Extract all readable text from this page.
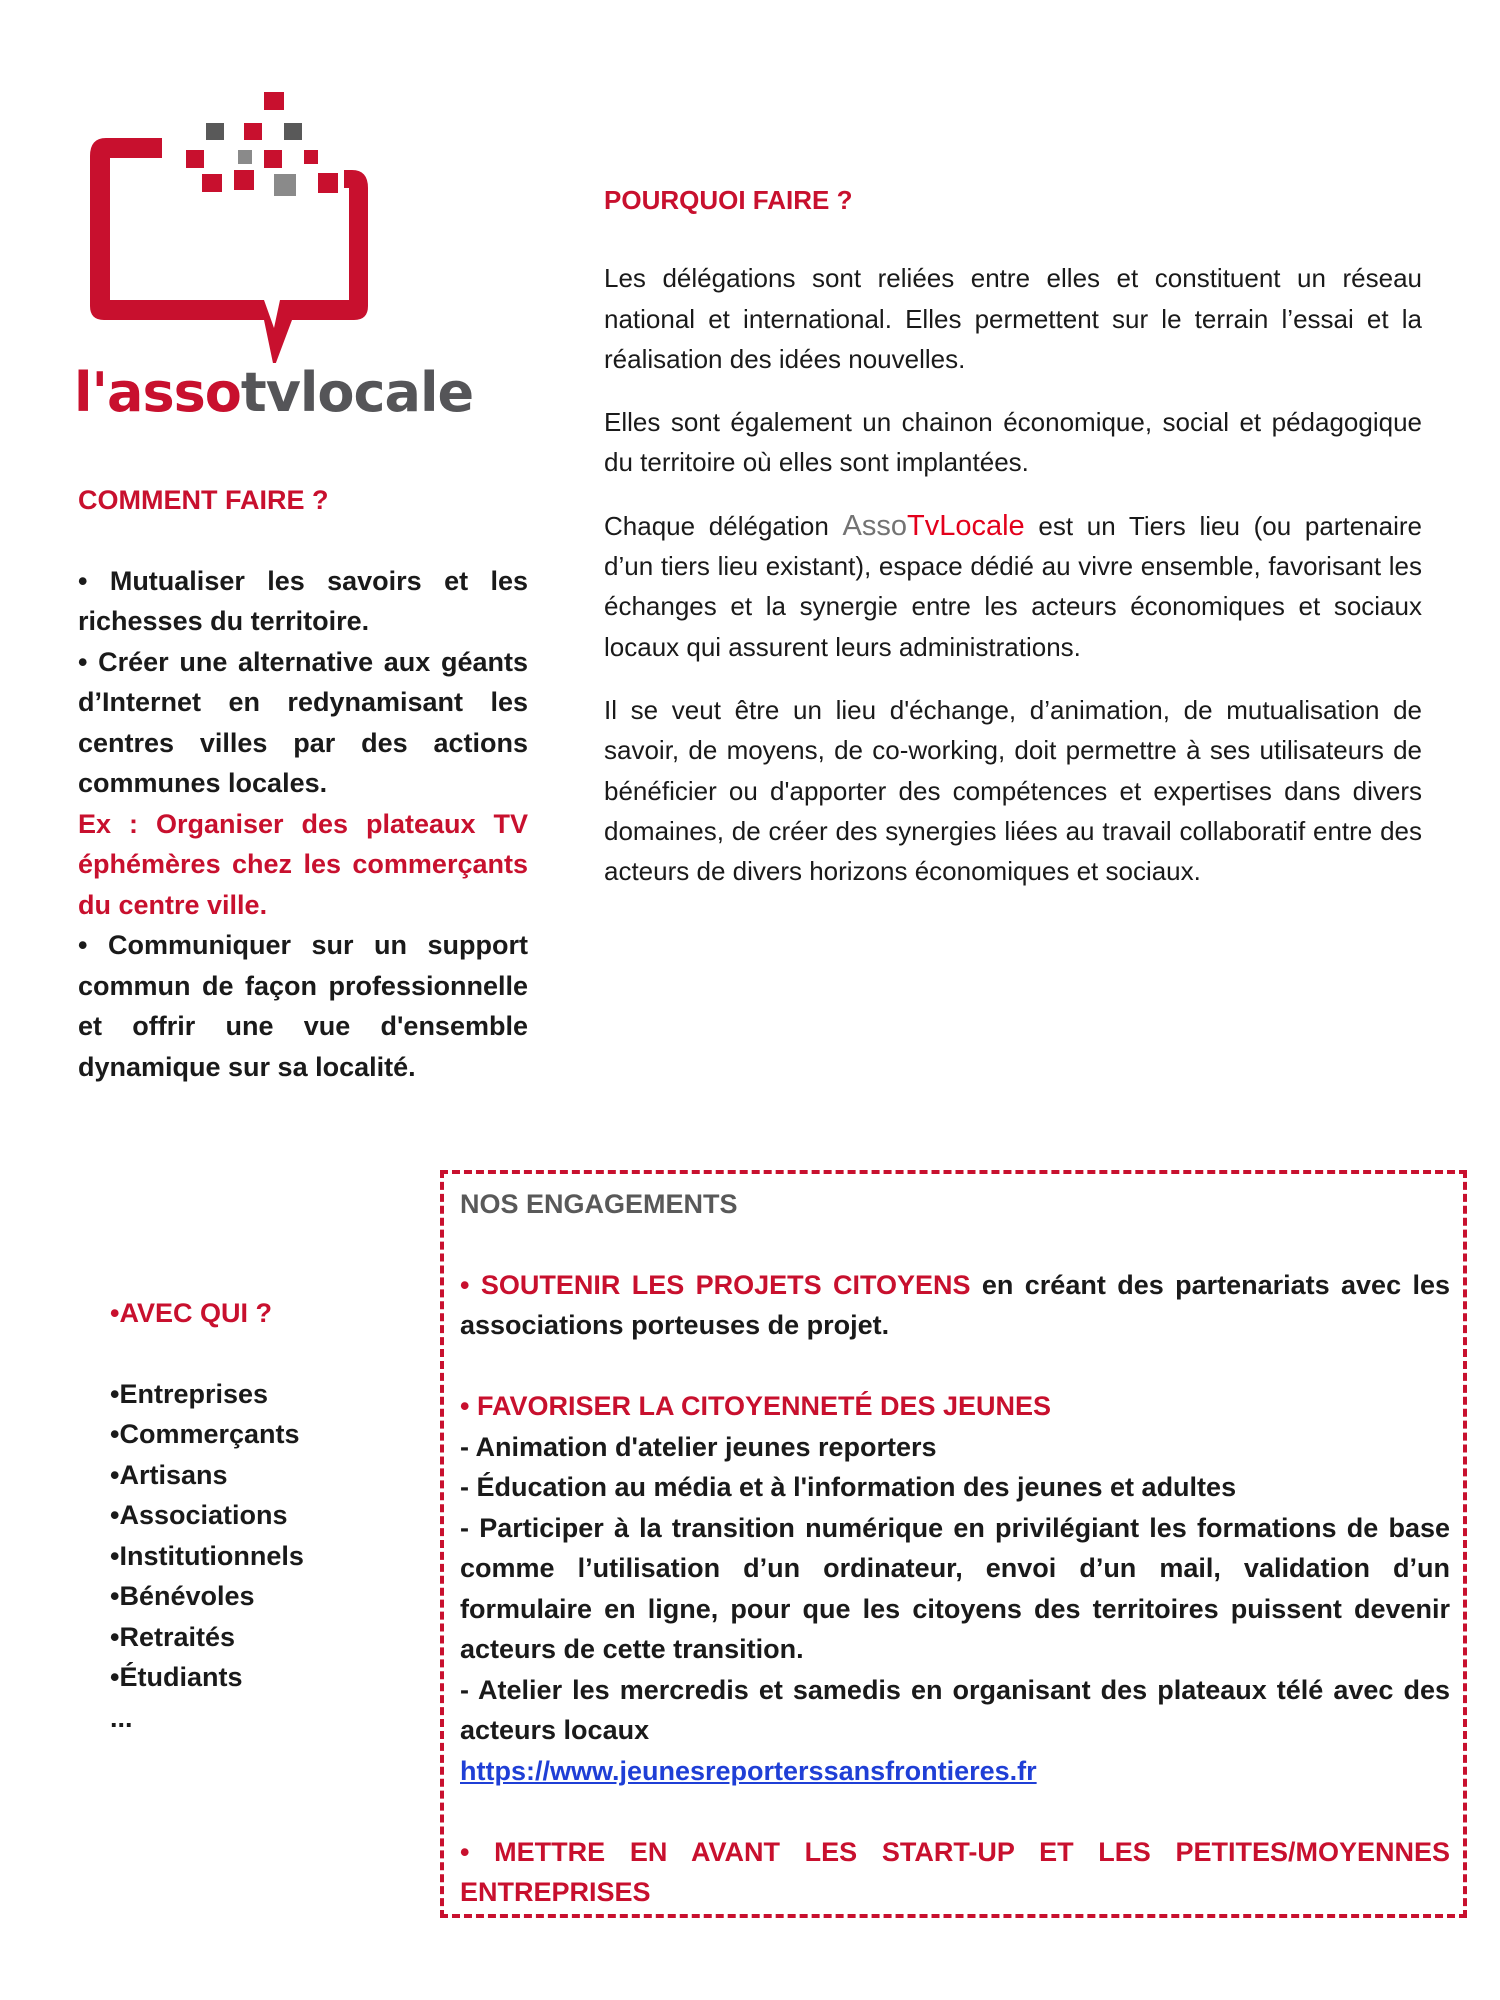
l'assotvlocale
COMMENT FAIRE ?
• Mutualiser les savoirs et les richesses du territoire.
• Créer une alternative aux géants d’Internet en redynamisant les centres villes par des actions communes locales.
Ex : Organiser des plateaux TV éphémères chez les commerçants du centre ville.
• Communiquer sur un support commun de façon professionnelle et offrir une vue d'ensemble dynamique sur sa localité.
POURQUOI FAIRE ?
Les délégations sont reliées entre elles et constituent un réseau national et international. Elles permettent sur le terrain l’essai et la réalisation des idées nouvelles.
Elles sont également un chainon économique, social et pédagogique du territoire où elles sont implantées.
Chaque délégation AssoTvLocale est un Tiers lieu (ou partenaire d’un tiers lieu existant), espace dédié au vivre ensemble, favorisant les échanges et la synergie entre les acteurs économiques et sociaux locaux qui assurent leurs administrations.
Il se veut être un lieu d'échange, d’animation, de mutualisation de savoir, de moyens, de co-working, doit permettre à ses utilisateurs de bénéficier ou d'apporter des compétences et expertises dans divers domaines, de créer des synergies liées au travail collaboratif entre des acteurs de divers horizons économiques et sociaux.
•AVEC QUI ?
•Entreprises
•Commerçants
•Artisans
•Associations
•Institutionnels
•Bénévoles
•Retraités
•Étudiants
...
NOS ENGAGEMENTS
• SOUTENIR LES PROJETS CITOYENS en créant des partenariats avec les associations porteuses de projet.
• FAVORISER LA CITOYENNETÉ DES JEUNES
- Animation d'atelier jeunes reporters
- Éducation au média et à l'information des jeunes et adultes
- Participer à la transition numérique en privilégiant les formations de base comme l’utilisation d’un ordinateur, envoi d’un mail, validation d’un formulaire en ligne, pour que les citoyens des territoires puissent devenir acteurs de cette transition.
- Atelier les mercredis et samedis en organisant des plateaux télé avec des acteurs locaux
https://www.jeunesreporterssansfrontieres.fr
• METTRE EN AVANT LES START-UP ET LES PETITES/MOYENNES ENTREPRISES
